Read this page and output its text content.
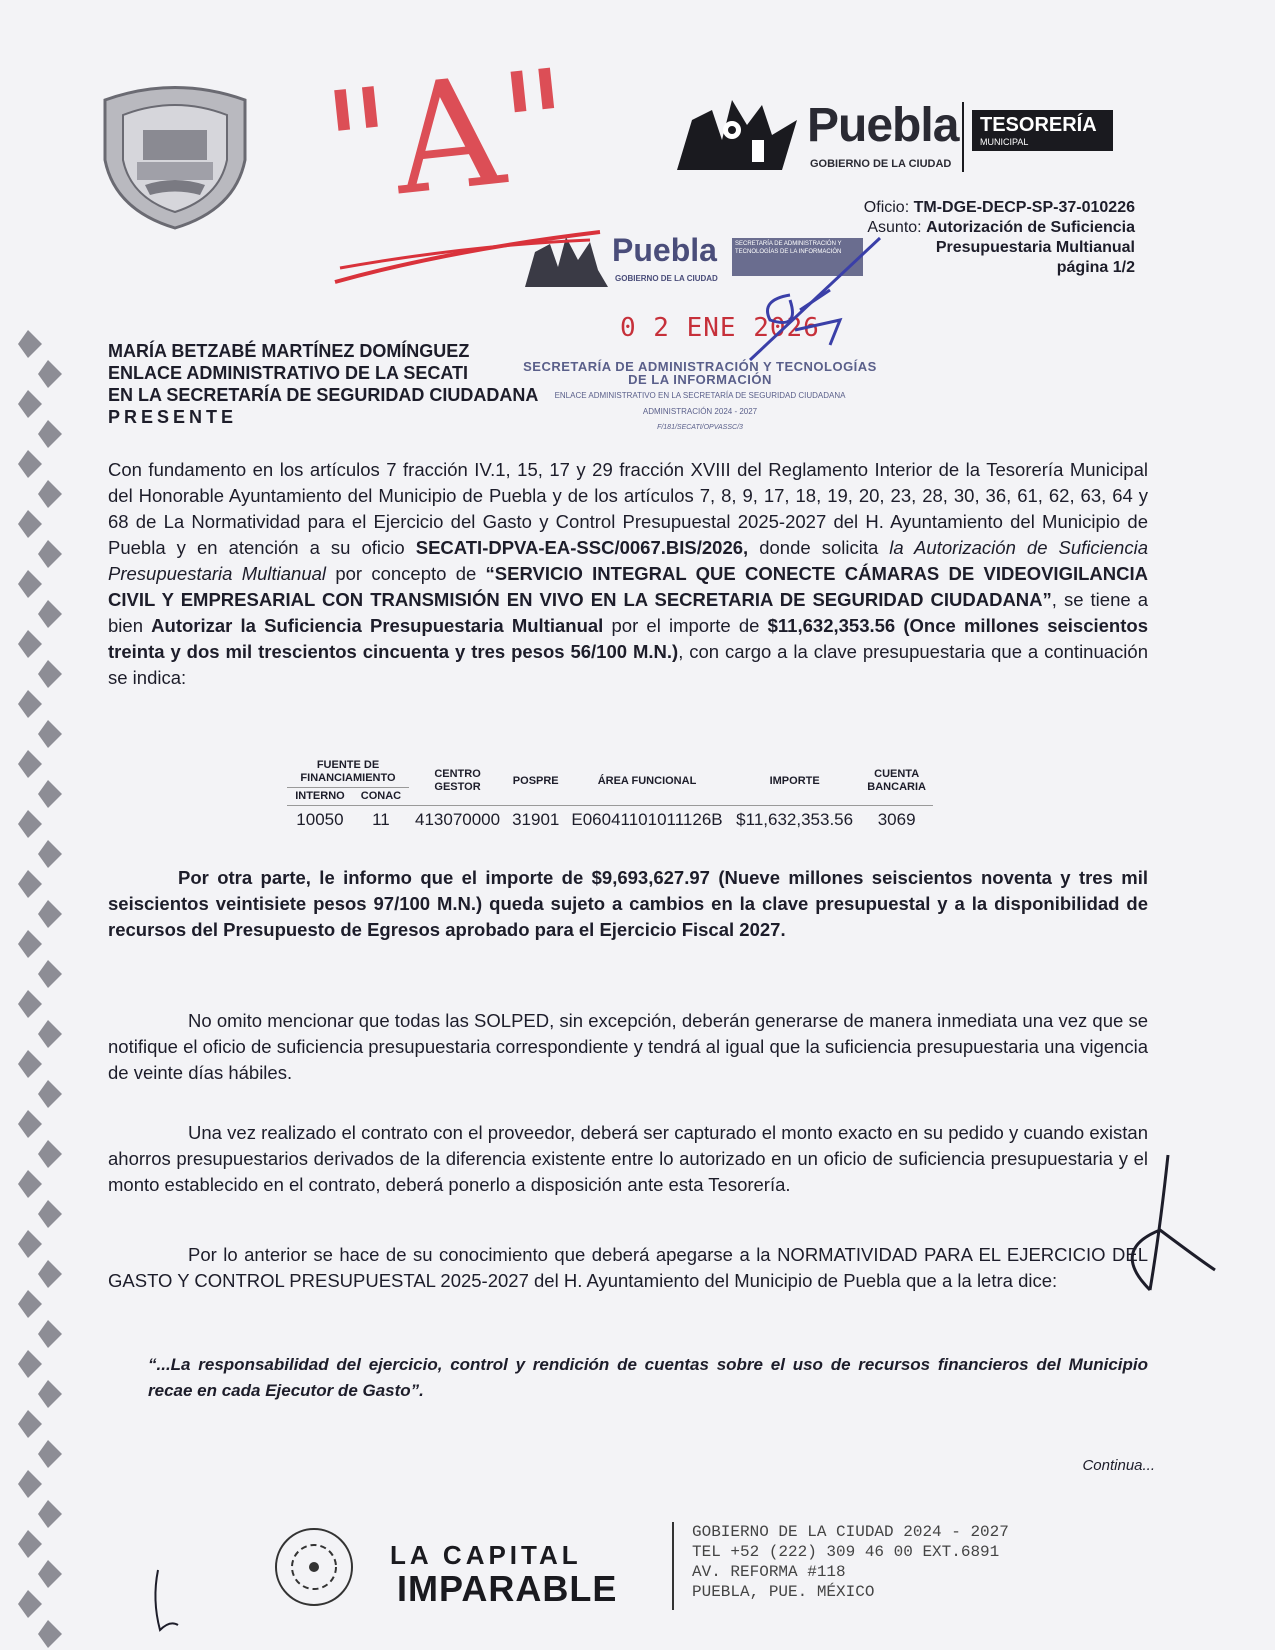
"A"	Puebla
GOBIERNO DE LA CIUDAD
TESORERÍA
MUNICIPAL
Oficio: TM-DGE-DECP-SP-37-010226
Asunto: Autorización de Suficiencia
Presupuestaria Multianual
página 1/2
Puebla
GOBIERNO DE LA CIUDAD
SECRETARÍA DE ADMINISTRACIÓN Y TECNOLOGÍAS DE LA INFORMACIÓN
0 2 ENE 2026
SECRETARÍA DE ADMINISTRACIÓN Y TECNOLOGÍAS
DE LA INFORMACIÓN
ENLACE ADMINISTRATIVO EN LA SECRETARÍA DE SEGURIDAD CIUDADANA
ADMINISTRACIÓN 2024 - 2027
F/181/SECATI/OPVASSC/3
MARÍA BETZABÉ MARTÍNEZ DOMÍNGUEZ
ENLACE ADMINISTRATIVO DE LA SECATI
EN LA SECRETARÍA DE SEGURIDAD CIUDADANA
PRESENTE
Con fundamento en los artículos 7 fracción IV.1, 15, 17 y 29 fracción XVIII del Reglamento Interior de la Tesorería Municipal del Honorable Ayuntamiento del Municipio de Puebla y de los artículos 7, 8, 9, 17, 18, 19, 20, 23, 28, 30, 36, 61, 62, 63, 64 y 68 de La Normatividad para el Ejercicio del Gasto y Control Presupuestal 2025-2027 del H. Ayuntamiento del Municipio de Puebla y en atención a su oficio SECATI-DPVA-EA-SSC/0067.BIS/2026, donde solicita la Autorización de Suficiencia Presupuestaria Multianual por concepto de “SERVICIO INTEGRAL QUE CONECTE CÁMARAS DE VIDEOVIGILANCIA CIVIL Y EMPRESARIAL CON TRANSMISIÓN EN VIVO EN LA SECRETARIA DE SEGURIDAD CIUDADANA”, se tiene a bien Autorizar la Suficiencia Presupuestaria Multianual por el importe de $11,632,353.56 (Once millones seiscientos treinta y dos mil trescientos cincuenta y tres pesos 56/100 M.N.), con cargo a la clave presupuestaria que a continuación se indica:
FUENTE DE FINANCIAMIENTO		CENTRO GESTOR	POSPRE	ÁREA FUNCIONAL	IMPORTE	CUENTA BANCARIA
INTERNO	CONAC					
10050	11	413070000	31901	E06041101011126B	$11,632,353.56	3069
Por otra parte, le informo que el importe de $9,693,627.97 (Nueve millones seiscientos noventa y tres mil seiscientos veintisiete pesos 97/100 M.N.) queda sujeto a cambios en la clave presupuestal y a la disponibilidad de recursos del Presupuesto de Egresos aprobado para el Ejercicio Fiscal 2027.
No omito mencionar que todas las SOLPED, sin excepción, deberán generarse de manera inmediata una vez que se notifique el oficio de suficiencia presupuestaria correspondiente y tendrá al igual que la suficiencia presupuestaria una vigencia de veinte días hábiles.
Una vez realizado el contrato con el proveedor, deberá ser capturado el monto exacto en su pedido y cuando existan ahorros presupuestarios derivados de la diferencia existente entre lo autorizado en un oficio de suficiencia presupuestaria y el monto establecido en el contrato, deberá ponerlo a disposición ante esta Tesorería.
Por lo anterior se hace de su conocimiento que deberá apegarse a la NORMATIVIDAD PARA EL EJERCICIO DEL GASTO Y CONTROL PRESUPUESTAL 2025-2027 del H. Ayuntamiento del Municipio de Puebla que a la letra dice:
“...La responsabilidad del ejercicio, control y rendición de cuentas sobre el uso de recursos financieros del Municipio recae en cada Ejecutor de Gasto”.
Continua...
LA CAPITAL
IMPARABLE
GOBIERNO DE LA CIUDAD 2024 - 2027
TEL +52 (222) 309 46 00 EXT.6891
AV. REFORMA #118
PUEBLA, PUE. MÉXICO
